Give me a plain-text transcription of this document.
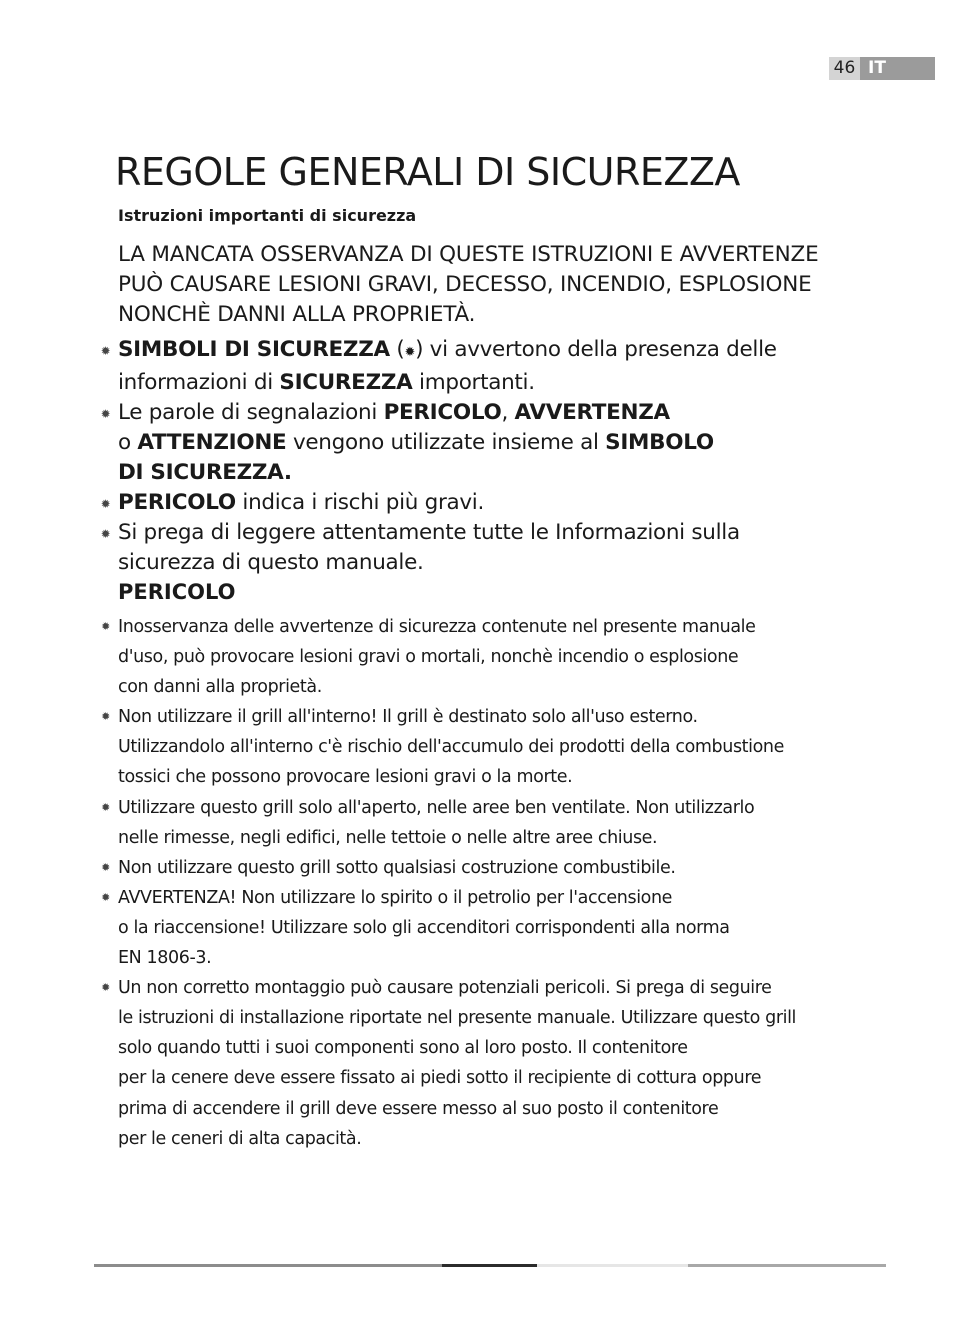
46 IT
REGOLE GENERALI DI SICUREZZA
Istruzioni importanti di sicurezza
LA MANCATA OSSERVANZA DI QUESTE ISTRUZIONI E AVVERTENZE
PUÒ CAUSARE LESIONI GRAVI, DECESSO, INCENDIO, ESPLOSIONE
NONCHÈ DANNI ALLA PROPRIETÀ.
✹ SIMBOLI DI SICUREZZA (✹) vi avvertono della presenza delle
informazioni di SICUREZZA importanti.
✹ Le parole di segnalazioni PERICOLO, AVVERTENZA
o ATTENZIONE vengono utilizzate insieme al SIMBOLO
DI SICUREZZA.
✹ PERICOLO indica i rischi più gravi.
✹ Si prega di leggere attentamente tutte le Informazioni sulla
sicurezza di questo manuale.
PERICOLO
✹ Inosservanza delle avvertenze di sicurezza contenute nel presente manuale
d'uso, può provocare lesioni gravi o mortali, nonchè incendio o esplosione
con danni alla proprietà.
✹ Non utilizzare il grill all'interno! Il grill è destinato solo all'uso esterno.
Utilizzandolo all'interno c'è rischio dell'accumulo dei prodotti della combustione
tossici che possono provocare lesioni gravi o la morte.
✹ Utilizzare questo grill solo all'aperto, nelle aree ben ventilate. Non utilizzarlo
nelle rimesse, negli edifici, nelle tettoie o nelle altre aree chiuse.
✹ Non utilizzare questo grill sotto qualsiasi costruzione combustibile.
✹ AVVERTENZA! Non utilizzare lo spirito o il petrolio per l'accensione
o la riaccensione! Utilizzare solo gli accenditori corrispondenti alla norma
EN 1806-3.
✹ Un non corretto montaggio può causare potenziali pericoli. Si prega di seguire
le istruzioni di installazione riportate nel presente manuale. Utilizzare questo grill
solo quando tutti i suoi componenti sono al loro posto. Il contenitore
per la cenere deve essere fissato ai piedi sotto il recipiente di cottura oppure
prima di accendere il grill deve essere messo al suo posto il contenitore
per le ceneri di alta capacità.
